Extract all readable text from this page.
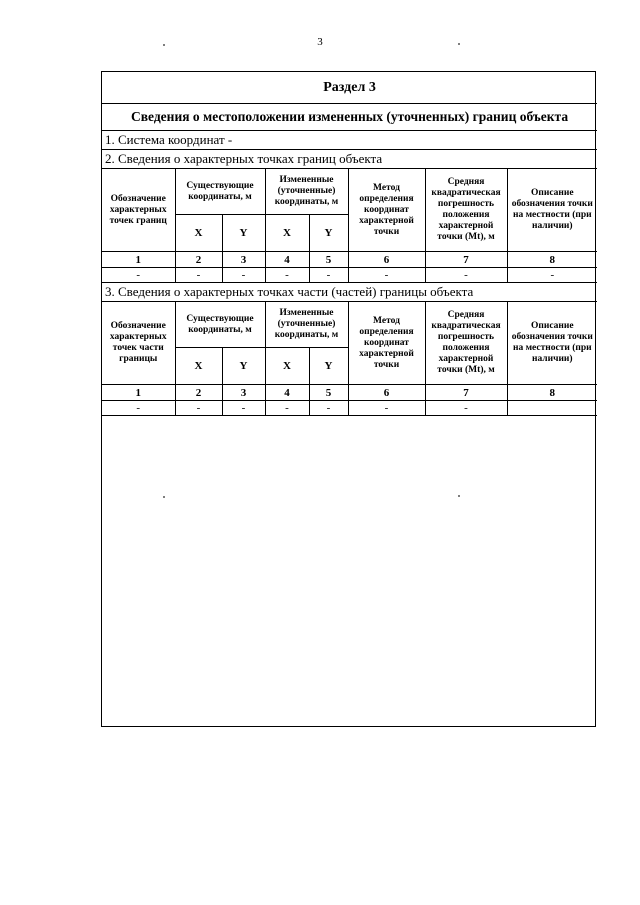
3
Раздел 3							
Сведения о местоположении измененных (уточненных) границ объекта							
1. Система координат -							
2. Сведения о характерных точках границ объекта							
Обозначение характерных точек границ	Существующие координаты, м		Измененные (уточненные) координаты, м		Метод определения координат характерной точки	Средняя квадратическая погрешность положения характерной точки (Mt), м	Описание обозначения точки на местности (при наличии)
	X	Y	X	Y			
1	2	3	4	5	6	7	8
-	-	-	-	-	-	-	-
3. Сведения о характерных точках части (частей) границы объекта							
Обозначение характерных точек части границы	Существующие координаты, м		Измененные (уточненные) координаты, м		Метод определения координат характерной точки	Средняя квадратическая погрешность положения характерной точки (Mt), м	Описание обозначения точки на местности (при наличии)
	X	Y	X	Y			
1	2	3	4	5	6	7	8
-	-	-	-	-	-	-	
